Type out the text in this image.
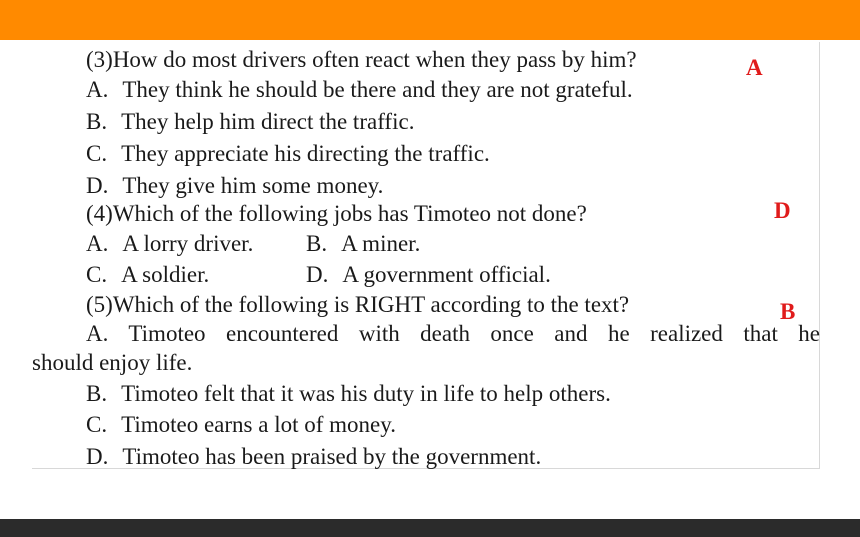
(3)How do most drivers often react when they pass by him?	A
A. They think he should be there and they are not grateful.
B. They help him direct the traffic.
C. They appreciate his directing the traffic.
D. They give him some money.
(4)Which of the following jobs has Timoteo not done?	D
A. A lorry driver. B. A miner.
C. A soldier.	D. A government official.
(5)Which of the following is RIGHT according to the text?	B
A. Timoteo encountered with death once and he realized that he
should enjoy life.
B. Timoteo felt that it was his duty in life to help others.
C. Timoteo earns a lot of money.
D. Timoteo has been praised by the government.
